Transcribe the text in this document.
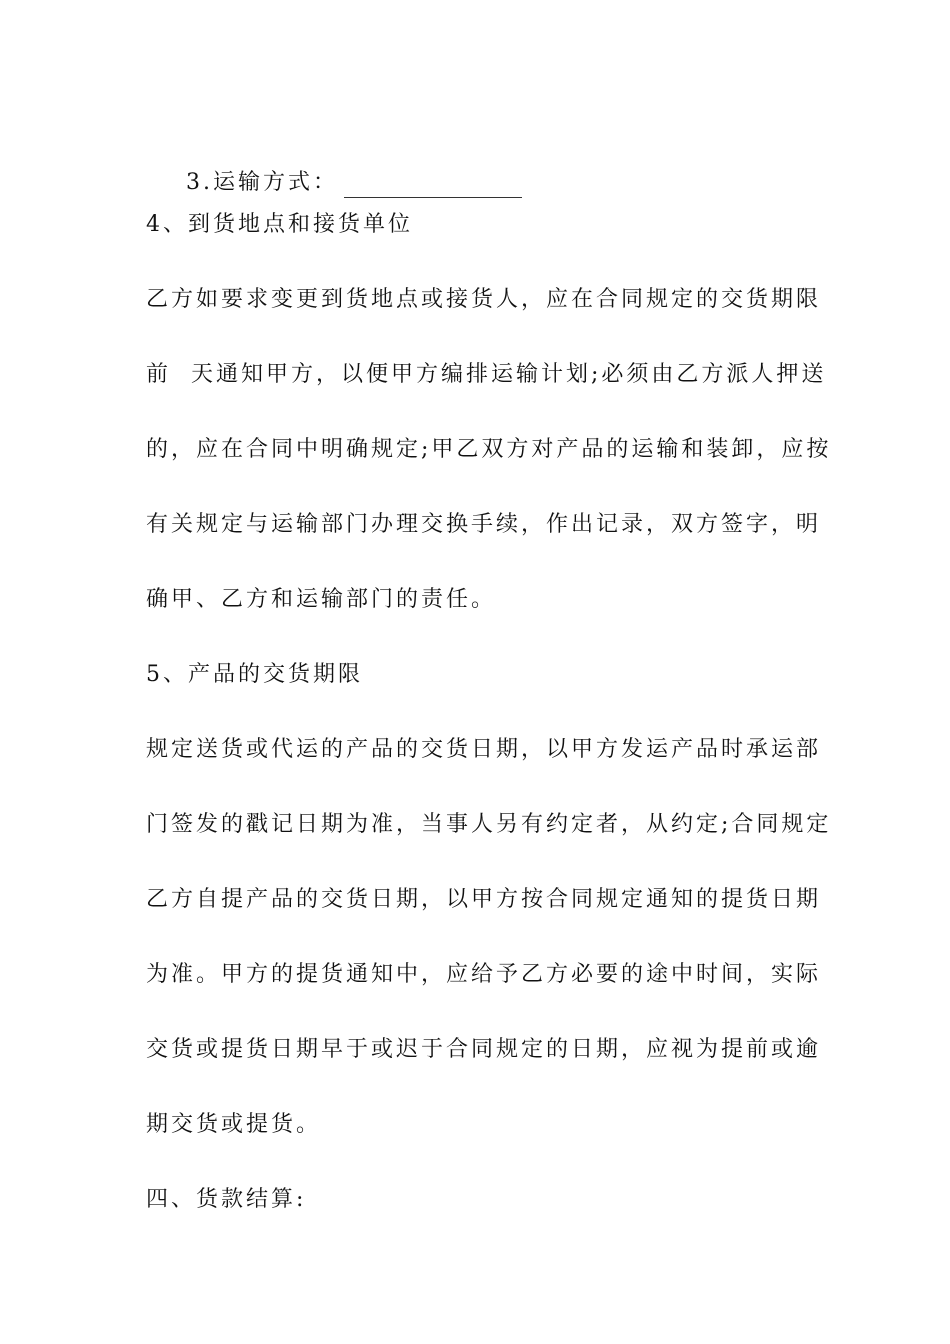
3.运输方式：

4、到货地点和接货单位
乙方如要求变更到货地点或接货人，应在合同规定的交货期限
前  天通知甲方，以便甲方编排运输计划;必须由乙方派人押送
的，应在合同中明确规定;甲乙双方对产品的运输和装卸，应按
有关规定与运输部门办理交换手续，作出记录，双方签字，明
确甲、乙方和运输部门的责任。
5、产品的交货期限
规定送货或代运的产品的交货日期，以甲方发运产品时承运部
门签发的戳记日期为准，当事人另有约定者，从约定;合同规定
乙方自提产品的交货日期，以甲方按合同规定通知的提货日期
为准。甲方的提货通知中，应给予乙方必要的途中时间，实际
交货或提货日期早于或迟于合同规定的日期，应视为提前或逾
期交货或提货。
四、货款结算:
